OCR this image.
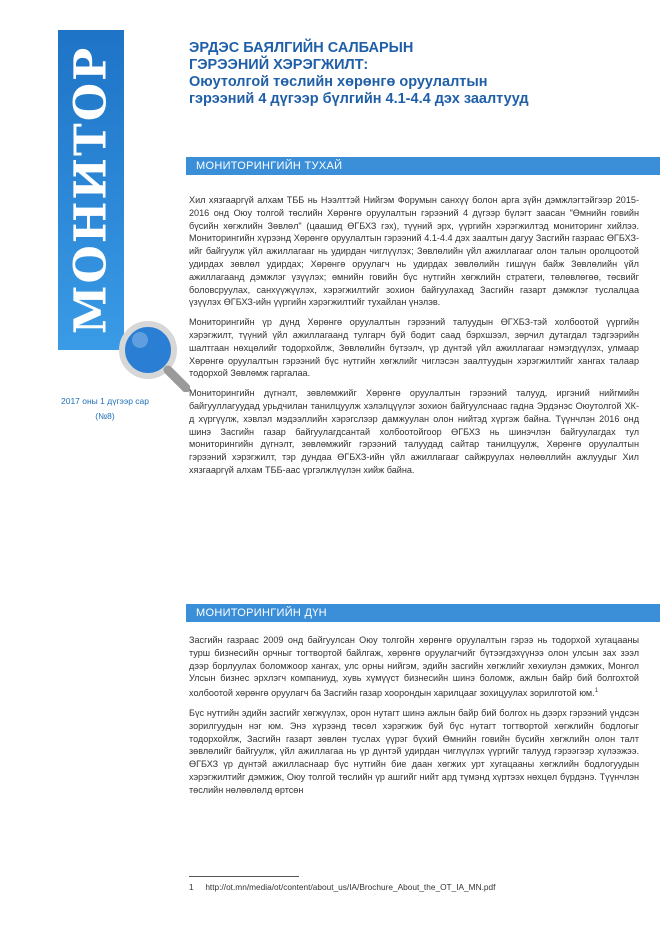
МОНИТОР
2017 оны 1 дүгээр сар
(№8)
ЭРДЭС БАЯЛГИЙН САЛБАРЫН
ГЭРЭЭНИЙ ХЭРЭГЖИЛТ:
Оюутолгой төслийн хөрөнгө оруулалтын
гэрээний 4 дүгээр бүлгийн 4.1-4.4 дэх заалтууд
МОНИТОРИНГИЙН ТУХАЙ

Хил хязгааргүй алхам ТББ нь Нээлттэй Нийгэм Форумын санхүү болон арга зүйн дэмжлэгтэйгээр 2015-2016 онд Оюу толгой төслийн Хөрөнгө оруулалтын гэрээний 4 дүгээр бүлэгт заасан "Өмнийн говийн бүсийн хөгжлийн Зөвлөл" (цаашид ӨГБХЗ гэх), түүний эрх, үүргийн хэрэгжилтэд мониторинг хийлээ. Мониторингийн хүрээнд Хөрөнгө оруулалтын гэрээний 4.1-4.4 дэх заалтын дагуу Засгийн газраас ӨГБХЗ-ийг байгуулж үйл ажиллагааг нь удирдан чиглүүлэх; Зөвлөлийн үйл ажиллагааг олон талын оролцоотой удирдах зөвлөл удирдах; Хөрөнгө оруулагч нь удирдах зөвлөлийн гишүүн байж Зөвлөлийн үйл ажиллагаанд дэмжлэг үзүүлэх; өмнийн говийн бүс нутгийн хөгжлийн стратеги, төлөвлөгөө, төсвийг боловсруулах, санхүүжүүлэх, хэрэгжилтийг зохион байгуулахад Засгийн газарт дэмжлэг туслалцаа үзүүлэх ӨГБХЗ-ийн үүргийн хэрэгжилтийг тухайлан үнэлэв.

Мониторингийн үр дүнд Хөрөнгө оруулалтын гэрээний талуудын ӨГХБЗ-тэй холбоотой үүргийн хэрэгжилт, түүний үйл ажиллагаанд тулгарч буй бодит саад бэрхшээл, зөрчил дутагдал тэдгээрийн шалтгаан нөхцөлийг тодорхойлж, Зөвлөлийн бүтээлч, үр дүнтэй үйл ажиллагааг нэмэгдүүлэх, улмаар Хөрөнгө оруулалтын гэрээний бүс нутгийн хөгжлийг чиглэсэн заалтуудын хэрэгжилтийг хангах талаар тодорхой Зөвлөмж гаргалаа.

Мониторингийн дүгнэлт, зөвлөмжийг Хөрөнгө оруулалтын гэрээний талууд, иргэний нийгмийн байгууллагуудад урьдчилан танилцуулж хэлэлцүүлэг зохион байгуулснаас гадна Эрдэнэс Оюутолгой ХК-д хүргүүлж, хэвлэл мэдээллийн хэрэгслээр дамжуулан олон нийтэд хүргэж байна. Түүнчлэн 2016 онд шинэ Засгийн газар байгуулагдсантай холбоотойгоор ӨГБХЗ нь шинэчлэн байгуулагдах тул мониторингийн дүгнэлт, зөвлөмжийг гэрээний талуудад сайтар танилцуулж, Хөрөнгө оруулалтын гэрээний хэрэгжилт, тэр дундаа ӨГБХЗ-ийн үйл ажиллагааг сайжруулах нөлөөллийн ажлуудыг Хил хязгааргүй алхам ТББ-аас үргэлжлүүлэн хийж байна.

МОНИТОРИНГИЙН ДҮН

Засгийн газраас 2009 онд байгуулсан Оюу толгойн хөрөнгө оруулалтын гэрээ нь тодорхой хугацааны турш бизнесийн орчныг тогтвортой байлгаж, хөрөнгө оруулагчийг бүтээгдэхүүнээ олон улсын зах зээл дээр борлуулах боломжоор хангах, улс орны нийгэм, эдийн засгийн хөгжлийг хөхиулэн дэмжих, Монгол Улсын бизнес эрхлэгч компаниуд, хувь хүмүүст бизнесийн шинэ боломж, ажлын байр бий болгохтой холбоотой хөрөнгө оруулагч ба Засгийн газар хоорондын харилцааг зохицуулах зорилготой юм.$^1$

Бүс нутгийн эдийн засгийг хөгжүүлэх, орон нутагт шинэ ажлын байр бий болгох нь дээрх гэрээний үндсэн зорилгуудын нэг юм. Энэ хүрээнд төсөл хэрэгжиж буй бүс нутагт тогтвортой хөгжлийн бодлогыг тодорхойлж, Засгийн газарт зөвлөн туслах үүрэг бүхий Өмнийн говийн бүсийн хөгжлийн олон талт зөвлөлийг байгуулж, үйл ажиллагаа нь үр дүнтэй удирдан чиглүүлэх үүргийг талууд гэрээгээр хүлээжээ. ӨГБХЗ үр дүнтэй ажилласнаар бүс нутгийн бие даан хөгжих урт хугацааны хөгжлийн бодлогуудын хэрэгжилтийг дэмжиж, Оюу толгой төслийн үр ашгийг нийт ард түмэнд хүртээх нөхцөл бүрдэнэ. Түүнчлэн төслийн нөлөөлөлд өртсөн

1 http://ot.mn/media/ot/content/about_us/IA/Brochure_About_the_OT_IA_MN.pdf
